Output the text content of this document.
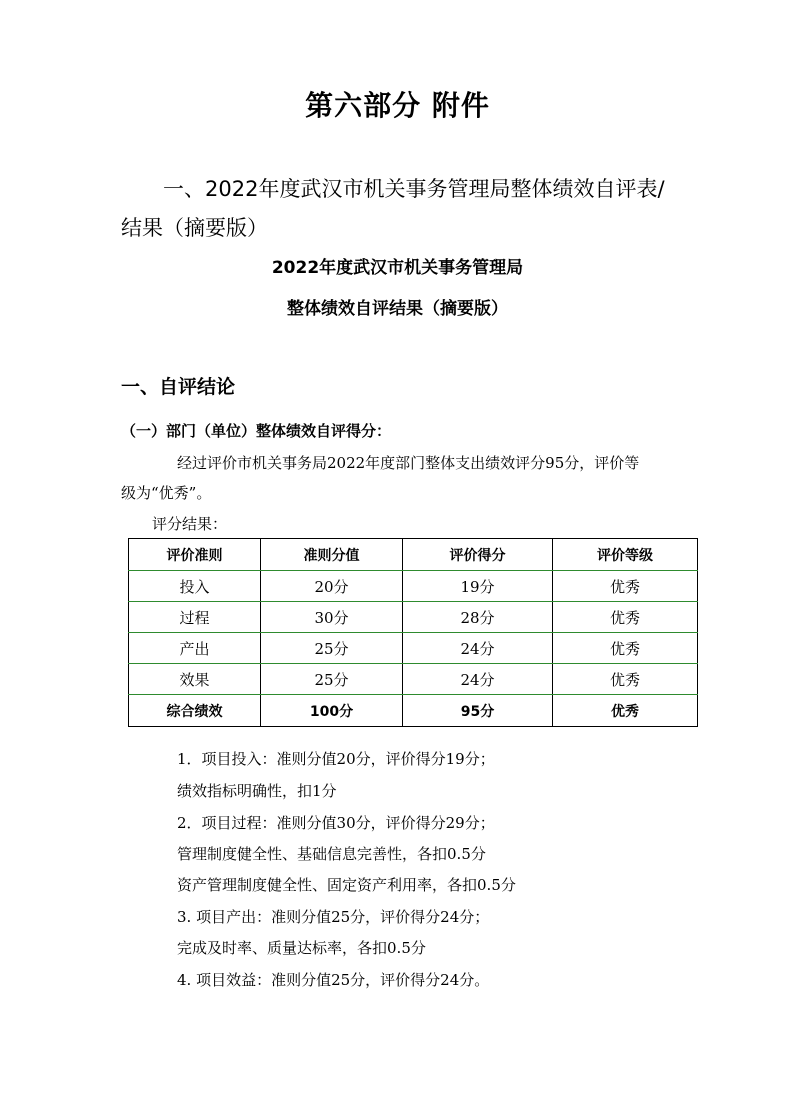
第六部分 附件
一、2022年度武汉市机关事务管理局整体绩效自评表/
结果（摘要版）
2022年度武汉市机关事务管理局
整体绩效自评结果（摘要版）
一、自评结论
（一）部门（单位）整体绩效自评得分：
经过评价市机关事务局2022年度部门整体支出绩效评分95分，评价等
级为“优秀”。
评分结果：
评价准则	准则分值	评价得分	评价等级
投入	20分	19分	优秀
过程	30分	28分	优秀
产出	25分	24分	优秀
效果	25分	24分	优秀
综合绩效	100分	95分	优秀
1．项目投入：准则分值20分，评价得分19分；
绩效指标明确性，扣1分
2．项目过程：准则分值30分，评价得分29分；
管理制度健全性、基础信息完善性，各扣0.5分
资产管理制度健全性、固定资产利用率，各扣0.5分
3. 项目产出：准则分值25分，评价得分24分；
完成及时率、质量达标率，各扣0.5分
4. 项目效益：准则分值25分，评价得分24分。
